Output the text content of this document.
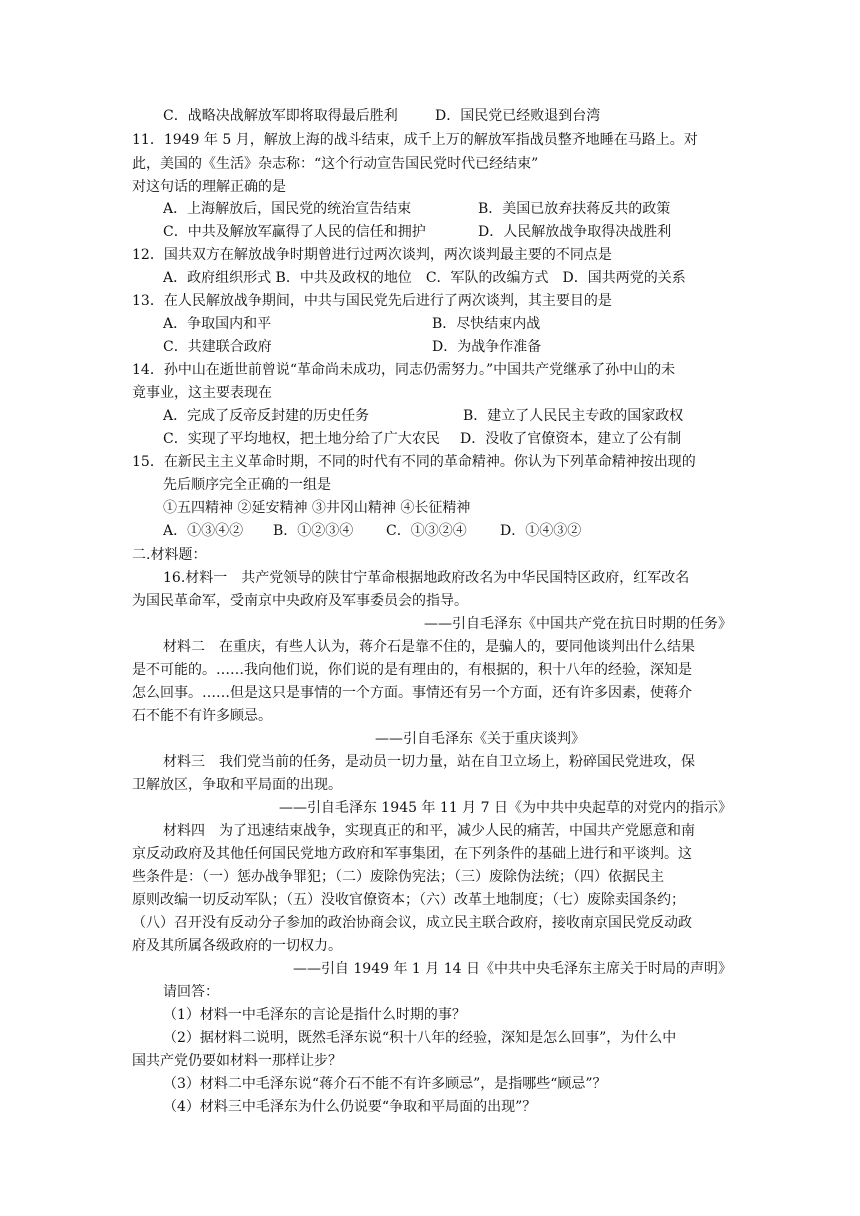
C．战略决战解放军即将取得最后胜利	D．国民党已经败退到台湾
11．1949 年 5 月，解放上海的战斗结束，成千上万的解放军指战员整齐地睡在马路上。对
此，美国的《生活》杂志称：“这个行动宣告国民党时代已经结束”
对这句话的理解正确的是
A．上海解放后，国民党的统治宣告结束	B．美国已放弃扶蒋反共的政策
C．中共及解放军赢得了人民的信任和拥护	D．人民解放战争取得决战胜利
12．国共双方在解放战争时期曾进行过两次谈判，两次谈判最主要的不同点是
A．政府组织形式 B．中共及政权的地位　C．军队的改编方式　D．国共两党的关系
13．在人民解放战争期间，中共与国民党先后进行了两次谈判，其主要目的是
A．争取国内和平	B．尽快结束内战
C．共建联合政府	D．为战争作准备
14．孙中山在逝世前曾说“革命尚未成功，同志仍需努力。”中国共产党继承了孙中山的未
竟事业，这主要表现在
A．完成了反帝反封建的历史任务	B．建立了人民民主专政的国家政权
C．实现了平均地权，把土地分给了广大农民 D．没收了官僚资本，建立了公有制
15．在新民主主义革命时期，不同的时代有不同的革命精神。你认为下列革命精神按出现的
先后顺序完全正确的一组是
①五四精神 ②延安精神 ③井冈山精神 ④长征精神
A．①③④② B．①②③④ C．①③②④ D．①④③②
二.材料题：
16.材料一　共产党领导的陕甘宁革命根据地政府改名为中华民国特区政府，红军改名
为国民革命军，受南京中央政府及军事委员会的指导。
——引自毛泽东《中国共产党在抗日时期的任务》
材料二　在重庆，有些人认为，蒋介石是靠不住的，是骗人的，要同他谈判出什么结果
是不可能的。……我向他们说，你们说的是有理由的，有根据的，积十八年的经验，深知是
怎么回事。……但是这只是事情的一个方面。事情还有另一个方面，还有许多因素，使蒋介
石不能不有许多顾忌。
——引自毛泽东《关于重庆谈判》
材料三　我们党当前的任务，是动员一切力量，站在自卫立场上，粉碎国民党进攻，保
卫解放区，争取和平局面的出现。
——引自毛泽东 1945 年 11 月 7 日《为中共中央起草的对党内的指示》
材料四　为了迅速结束战争，实现真正的和平，减少人民的痛苦，中国共产党愿意和南
京反动政府及其他任何国民党地方政府和军事集团，在下列条件的基础上进行和平谈判。这
些条件是：（一）惩办战争罪犯；（二）废除伪宪法；（三）废除伪法统；（四）依据民主
原则改编一切反动军队；（五）没收官僚资本；（六）改革土地制度；（七）废除卖国条约；
（八）召开没有反动分子参加的政治协商会议，成立民主联合政府，接收南京国民党反动政
府及其所属各级政府的一切权力。
——引自 1949 年 1 月 14 日《中共中央毛泽东主席关于时局的声明》
请回答：
（1）材料一中毛泽东的言论是指什么时期的事？
（2）据材料二说明，既然毛泽东说“积十八年的经验，深知是怎么回事”，为什么中
国共产党仍要如材料一那样让步？
（3）材料二中毛泽东说“蒋介石不能不有许多顾忌”，是指哪些“顾忌”？
（4）材料三中毛泽东为什么仍说要“争取和平局面的出现”？
